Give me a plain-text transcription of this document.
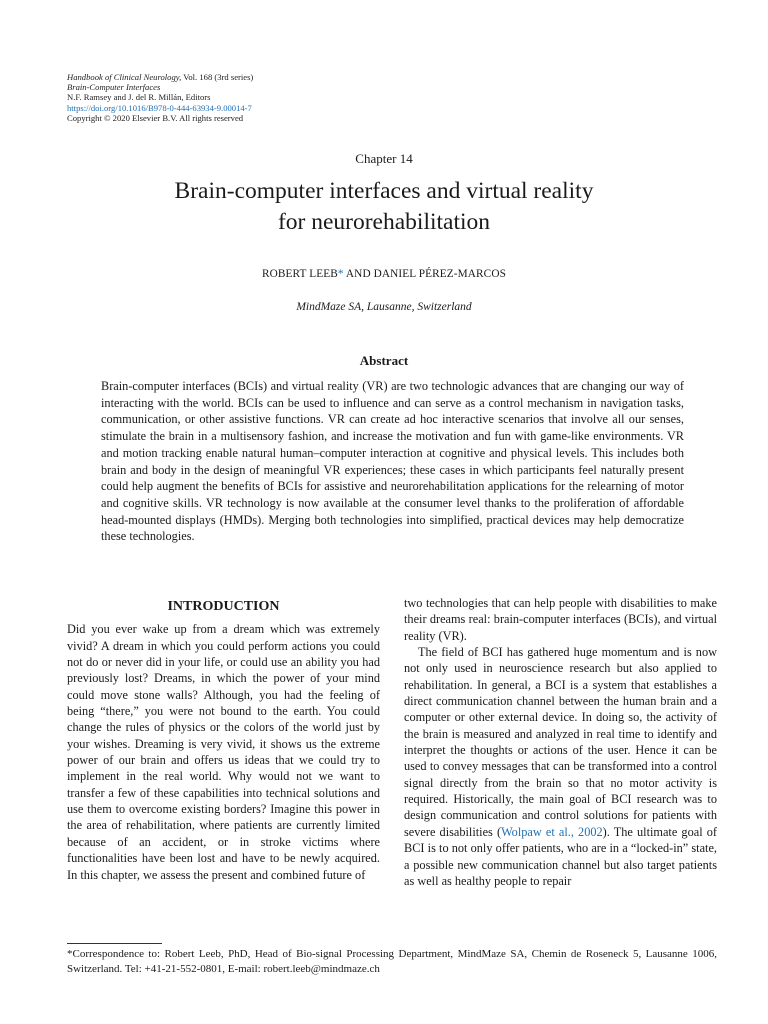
Handbook of Clinical Neurology, Vol. 168 (3rd series)
Brain-Computer Interfaces
N.F. Ramsey and J. del R. Millán, Editors
https://doi.org/10.1016/B978-0-444-63934-9.00014-7
Copyright © 2020 Elsevier B.V. All rights reserved
Chapter 14
Brain-computer interfaces and virtual reality
for neurorehabilitation
ROBERT LEEB* AND DANIEL PÉREZ-MARCOS
MindMaze SA, Lausanne, Switzerland
Abstract
Brain-computer interfaces (BCIs) and virtual reality (VR) are two technologic advances that are changing our way of interacting with the world. BCIs can be used to influence and can serve as a control mechanism in navigation tasks, communication, or other assistive functions. VR can create ad hoc interactive scenarios that involve all our senses, stimulate the brain in a multisensory fashion, and increase the motivation and fun with game-like environments. VR and motion tracking enable natural human–computer interaction at cognitive and physical levels. This includes both brain and body in the design of meaningful VR experiences; these cases in which participants feel naturally present could help augment the benefits of BCIs for assistive and neurorehabilitation applications for the relearning of motor and cognitive skills. VR technology is now available at the consumer level thanks to the proliferation of affordable head-mounted displays (HMDs). Merging both technologies into simplified, practical devices may help democratize these technologies.
INTRODUCTION

Did you ever wake up from a dream which was extremely vivid? A dream in which you could perform actions you could not do or never did in your life, or could use an ability you had previously lost? Dreams, in which the power of your mind could move stone walls? Although, you had the feeling of being “there,” you were not bound to the earth. You could change the rules of physics or the colors of the world just by your wishes. Dreaming is very vivid, it shows us the extreme power of our brain and offers us ideas that we could try to implement in the real world. Why would not we want to transfer a few of these capabilities into technical solutions and use them to overcome existing borders? Imagine this power in the area of rehabilitation, where patients are currently limited because of an accident, or in stroke victims where functionalities have been lost and have to be newly acquired. In this chapter, we assess the present and combined future of

two technologies that can help people with disabilities to make their dreams real: brain-computer interfaces (BCIs), and virtual reality (VR).

The field of BCI has gathered huge momentum and is now not only used in neuroscience research but also applied to rehabilitation. In general, a BCI is a system that establishes a direct communication channel between the human brain and a computer or other external device. In doing so, the activity of the brain is measured and analyzed in real time to identify and interpret the thoughts or actions of the user. Hence it can be used to convey messages that can be transformed into a control signal directly from the brain so that no motor activity is required. Historically, the main goal of BCI research was to design communication and control solutions for patients with severe disabilities (Wolpaw et al., 2002). The ultimate goal of BCI is to not only offer patients, who are in a “locked-in” state, a possible new communication channel but also target patients as well as healthy people to repair

*Correspondence to: Robert Leeb, PhD, Head of Bio-signal Processing Department, MindMaze SA, Chemin de Roseneck 5, Lausanne 1006, Switzerland. Tel: +41-21-552-0801, E-mail: robert.leeb@mindmaze.ch
